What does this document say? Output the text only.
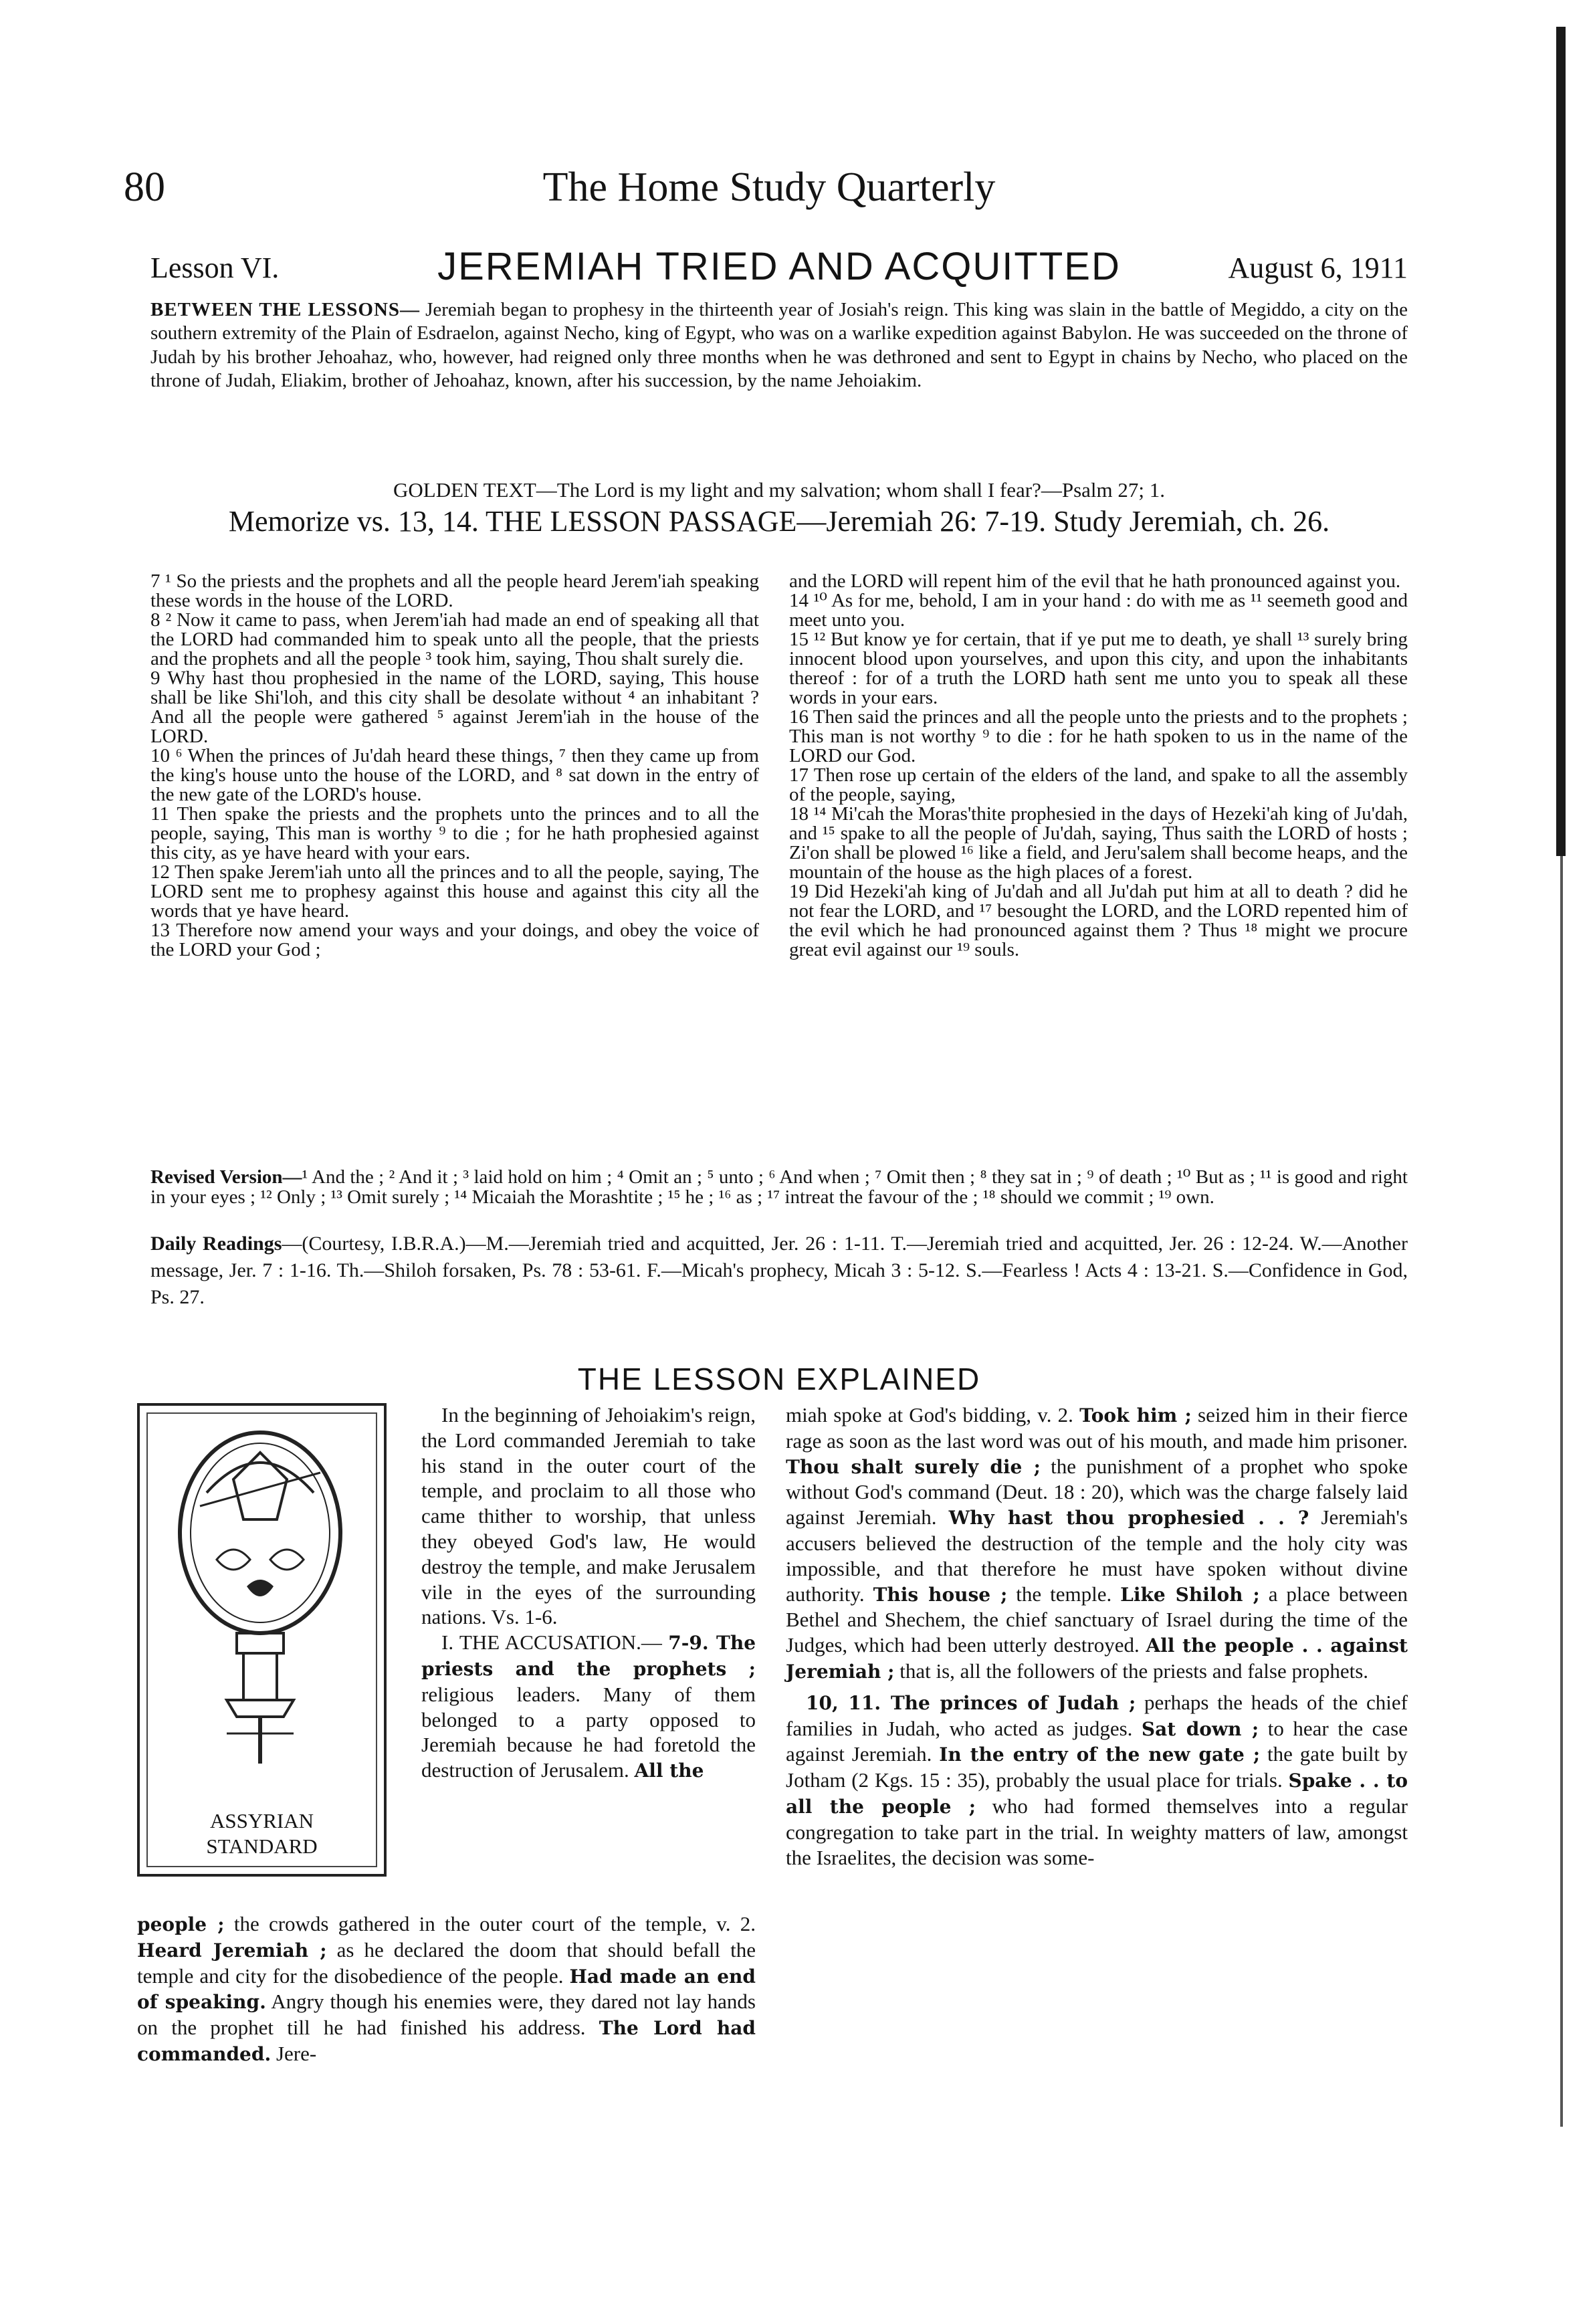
80	The Home Study Quarterly
Lesson VI.	JEREMIAH TRIED AND ACQUITTED	August 6, 1911
BETWEEN THE LESSONS— Jeremiah began to prophesy in the thirteenth year of Josiah's reign. This king was slain in the battle of Megiddo, a city on the southern extremity of the Plain of Esdraelon, against Necho, king of Egypt, who was on a warlike expedition against Babylon. He was succeeded on the throne of Judah by his brother Jehoahaz, who, however, had reigned only three months when he was dethroned and sent to Egypt in chains by Necho, who placed on the throne of Judah, Eliakim, brother of Jehoahaz, known, after his succession, by the name Jehoiakim.
GOLDEN TEXT—The Lord is my light and my salvation; whom shall I fear?—Psalm 27; 1.
Memorize vs. 13, 14. THE LESSON PASSAGE—Jeremiah 26: 7-19. Study Jeremiah, ch. 26.

7 ¹ So the priests and the prophets and all the people heard Jerem'iah speaking these words in the house of the LORD.

8 ² Now it came to pass, when Jerem'iah had made an end of speaking all that the LORD had commanded him to speak unto all the people, that the priests and the prophets and all the people ³ took him, saying, Thou shalt surely die.

9 Why hast thou prophesied in the name of the LORD, saying, This house shall be like Shi'loh, and this city shall be desolate without ⁴ an inhabitant ? And all the people were gathered ⁵ against Jerem'iah in the house of the LORD.

10 ⁶ When the princes of Ju'dah heard these things, ⁷ then they came up from the king's house unto the house of the LORD, and ⁸ sat down in the entry of the new gate of the LORD's house.

11 Then spake the priests and the prophets unto the princes and to all the people, saying, This man is worthy ⁹ to die ; for he hath prophesied against this city, as ye have heard with your ears.

12 Then spake Jerem'iah unto all the princes and to all the people, saying, The LORD sent me to prophesy against this house and against this city all the words that ye have heard.

13 Therefore now amend your ways and your doings, and obey the voice of the LORD your God ;

and the LORD will repent him of the evil that he hath pronounced against you.

14 ¹⁰ As for me, behold, I am in your hand : do with me as ¹¹ seemeth good and meet unto you.

15 ¹² But know ye for certain, that if ye put me to death, ye shall ¹³ surely bring innocent blood upon yourselves, and upon this city, and upon the inhabitants thereof : for of a truth the LORD hath sent me unto you to speak all these words in your ears.

16 Then said the princes and all the people unto the priests and to the prophets ; This man is not worthy ⁹ to die : for he hath spoken to us in the name of the LORD our God.

17 Then rose up certain of the elders of the land, and spake to all the assembly of the people, saying,

18 ¹⁴ Mi'cah the Moras'thite prophesied in the days of Hezeki'ah king of Ju'dah, and ¹⁵ spake to all the people of Ju'dah, saying, Thus saith the LORD of hosts ; Zi'on shall be plowed ¹⁶ like a field, and Jeru'salem shall become heaps, and the mountain of the house as the high places of a forest.

19 Did Hezeki'ah king of Ju'dah and all Ju'dah put him at all to death ? did he not fear the LORD, and ¹⁷ besought the LORD, and the LORD repented him of the evil which he had pronounced against them ? Thus ¹⁸ might we procure great evil against our ¹⁹ souls.

Revised Version—¹ And the ; ² And it ; ³ laid hold on him ; ⁴ Omit an ; ⁵ unto ; ⁶ And when ; ⁷ Omit then ; ⁸ they sat in ; ⁹ of death ; ¹⁰ But as ; ¹¹ is good and right in your eyes ; ¹² Only ; ¹³ Omit surely ; ¹⁴ Micaiah the Morashtite ; ¹⁵ he ; ¹⁶ as ; ¹⁷ intreat the favour of the ; ¹⁸ should we commit ; ¹⁹ own.
Daily Readings—(Courtesy, I.B.R.A.)—M.—Jeremiah tried and acquitted, Jer. 26 : 1-11. T.—Jeremiah tried and acquitted, Jer. 26 : 12-24. W.—Another message, Jer. 7 : 1-16. Th.—Shiloh forsaken, Ps. 78 : 53-61. F.—Micah's prophecy, Micah 3 : 5-12. S.—Fearless ! Acts 4 : 13-21. S.—Confidence in God, Ps. 27.
THE LESSON EXPLAINED
ASSYRIAN
STANDARD

In the beginning of Jehoiakim's reign, the Lord commanded Jeremiah to take his stand in the outer court of the temple, and proclaim to all those who came thither to worship, that unless they obeyed God's law, He would destroy the temple, and make Jerusalem vile in the eyes of the surrounding nations. Vs. 1-6.

I. THE ACCUSATION.— 7-9. The priests and the prophets ; religious leaders. Many of them belonged to a party opposed to Jeremiah because he had foretold the destruction of Jerusalem. All the

people ; the crowds gathered in the outer court of the temple, v. 2. Heard Jeremiah ; as he declared the doom that should befall the temple and city for the disobedience of the people. Had made an end of speaking. Angry though his enemies were, they dared not lay hands on the prophet till he had finished his address. The Lord had commanded. Jere-

miah spoke at God's bidding, v. 2. Took him ; seized him in their fierce rage as soon as the last word was out of his mouth, and made him prisoner. Thou shalt surely die ; the punishment of a prophet who spoke without God's command (Deut. 18 : 20), which was the charge falsely laid against Jeremiah. Why hast thou prophesied . . ? Jeremiah's accusers believed the destruction of the temple and the holy city was impossible, and that therefore he must have spoken without divine authority. This house ; the temple. Like Shiloh ; a place between Bethel and Shechem, the chief sanctuary of Israel during the time of the Judges, which had been utterly destroyed. All the people . . against Jeremiah ; that is, all the followers of the priests and false prophets.

10, 11. The princes of Judah ; perhaps the heads of the chief families in Judah, who acted as judges. Sat down ; to hear the case against Jeremiah. In the entry of the new gate ; the gate built by Jotham (2 Kgs. 15 : 35), probably the usual place for trials. Spake . . to all the people ; who had formed themselves into a regular congregation to take part in the trial. In weighty matters of law, amongst the Israelites, the decision was some-
